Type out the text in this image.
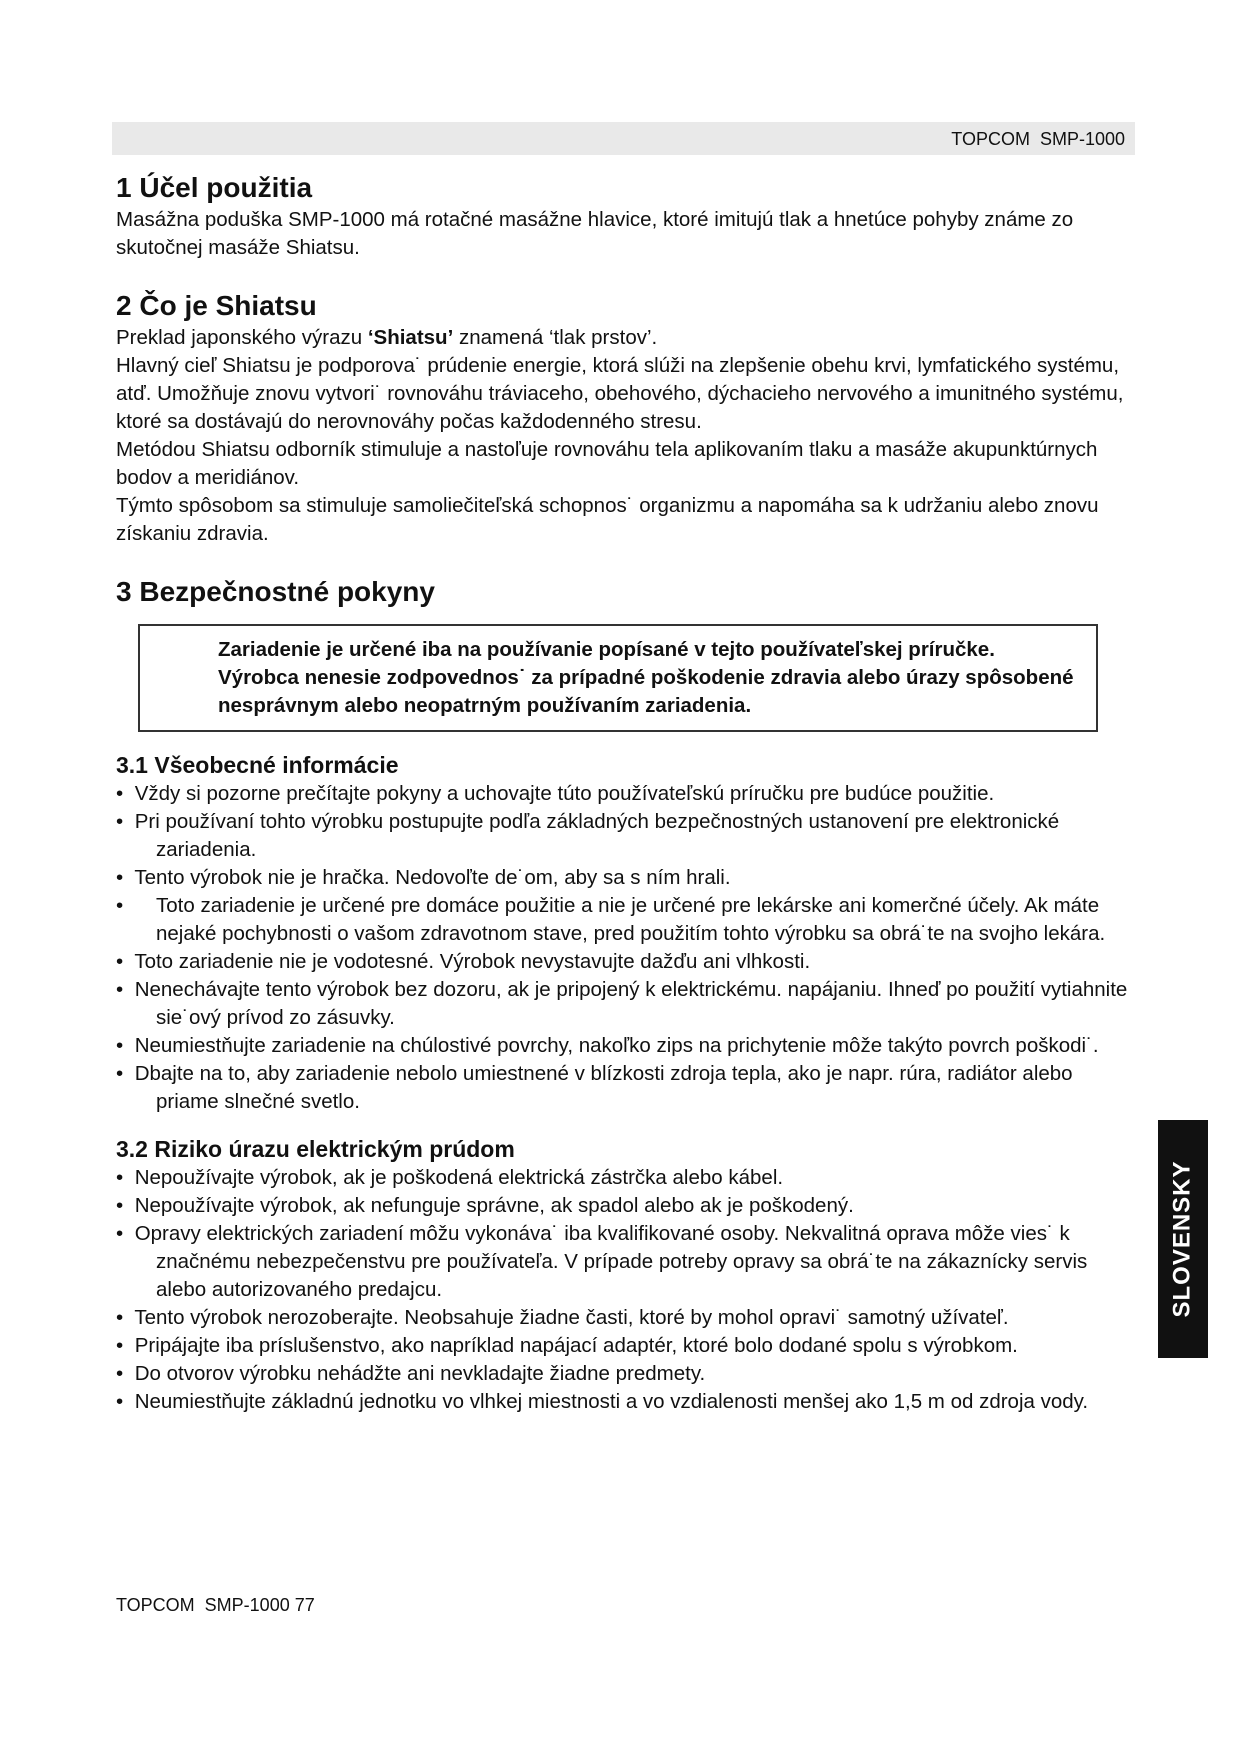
TOPCOM  SMP-1000
1 Účel použitia

Masážna poduška SMP-1000 má rotačné masážne hlavice, ktoré imitujú tlak a hnetúce pohyby známe zo skutočnej masáže Shiatsu.

2 Čo je Shiatsu

Preklad japonského výrazu ‘Shiatsu’ znamená ‘tlak prstov’.

Hlavný cieľ Shiatsu je podporova˙ prúdenie energie, ktorá slúži na zlepšenie obehu krvi, lymfatického systému, atď. Umožňuje znovu vytvori˙ rovnováhu tráviaceho, obehového, dýchacieho nervového a imunitného systému, ktoré sa dostávajú do nerovnováhy počas každodenného stresu.

Metódou Shiatsu odborník stimuluje a nastoľuje rovnováhu tela aplikovaním tlaku a masáže akupunktúrnych bodov a meridiánov.

Týmto spôsobom sa stimuluje samoliečiteľská schopnos˙ organizmu a napomáha sa k udržaniu alebo znovu získaniu zdravia.

3 Bezpečnostné pokyny
Zariadenie je určené iba na používanie popísané v tejto používateľskej príručke. Výrobca nenesie zodpovednos˙ za prípadné poškodenie zdravia alebo úrazy spôsobené nesprávnym alebo neopatrným používaním zariadenia.
3.1 Všeobecné informácie
• Vždy si pozorne prečítajte pokyny a uchovajte túto používateľskú príručku pre budúce použitie.
• Pri používaní tohto výrobku postupujte podľa základných bezpečnostných ustanovení pre elektronické zariadenia.
• Tento výrobok nie je hračka. Nedovoľte de˙om, aby sa s ním hrali.
• Toto zariadenie je určené pre domáce použitie a nie je určené pre lekárske ani komerčné účely. Ak máte nejaké pochybnosti o vašom zdravotnom stave, pred použitím tohto výrobku sa obrá˙te na svojho lekára.
• Toto zariadenie nie je vodotesné. Výrobok nevystavujte dažďu ani vlhkosti.
• Nenechávajte tento výrobok bez dozoru, ak je pripojený k elektrickému. napájaniu. Ihneď po použití vytiahnite sie˙ový prívod zo zásuvky.
• Neumiestňujte zariadenie na chúlostivé povrchy, nakoľko zips na prichytenie môže takýto povrch poškodi˙.
• Dbajte na to, aby zariadenie nebolo umiestnené v blízkosti zdroja tepla, ako je napr. rúra, radiátor alebo priame slnečné svetlo.
3.2 Riziko úrazu elektrickým prúdom
• Nepoužívajte výrobok, ak je poškodená elektrická zástrčka alebo kábel.
• Nepoužívajte výrobok, ak nefunguje správne, ak spadol alebo ak je poškodený.
• Opravy elektrických zariadení môžu vykonáva˙ iba kvalifikované osoby. Nekvalitná oprava môže vies˙ k značnému nebezpečenstvu pre používateľa. V prípade potreby opravy sa obrá˙te na zákaznícky servis alebo autorizovaného predajcu.
• Tento výrobok nerozoberajte. Neobsahuje žiadne časti, ktoré by mohol opravi˙ samotný užívateľ.
• Pripájajte iba príslušenstvo, ako napríklad napájací adaptér, ktoré bolo dodané spolu s výrobkom.
• Do otvorov výrobku nehádžte ani nevkladajte žiadne predmety.
• Neumiestňujte základnú jednotku vo vlhkej miestnosti a vo vzdialenosti menšej ako 1,5 m od zdroja vody.
TOPCOM  SMP-1000 77
SLOVENSKY
